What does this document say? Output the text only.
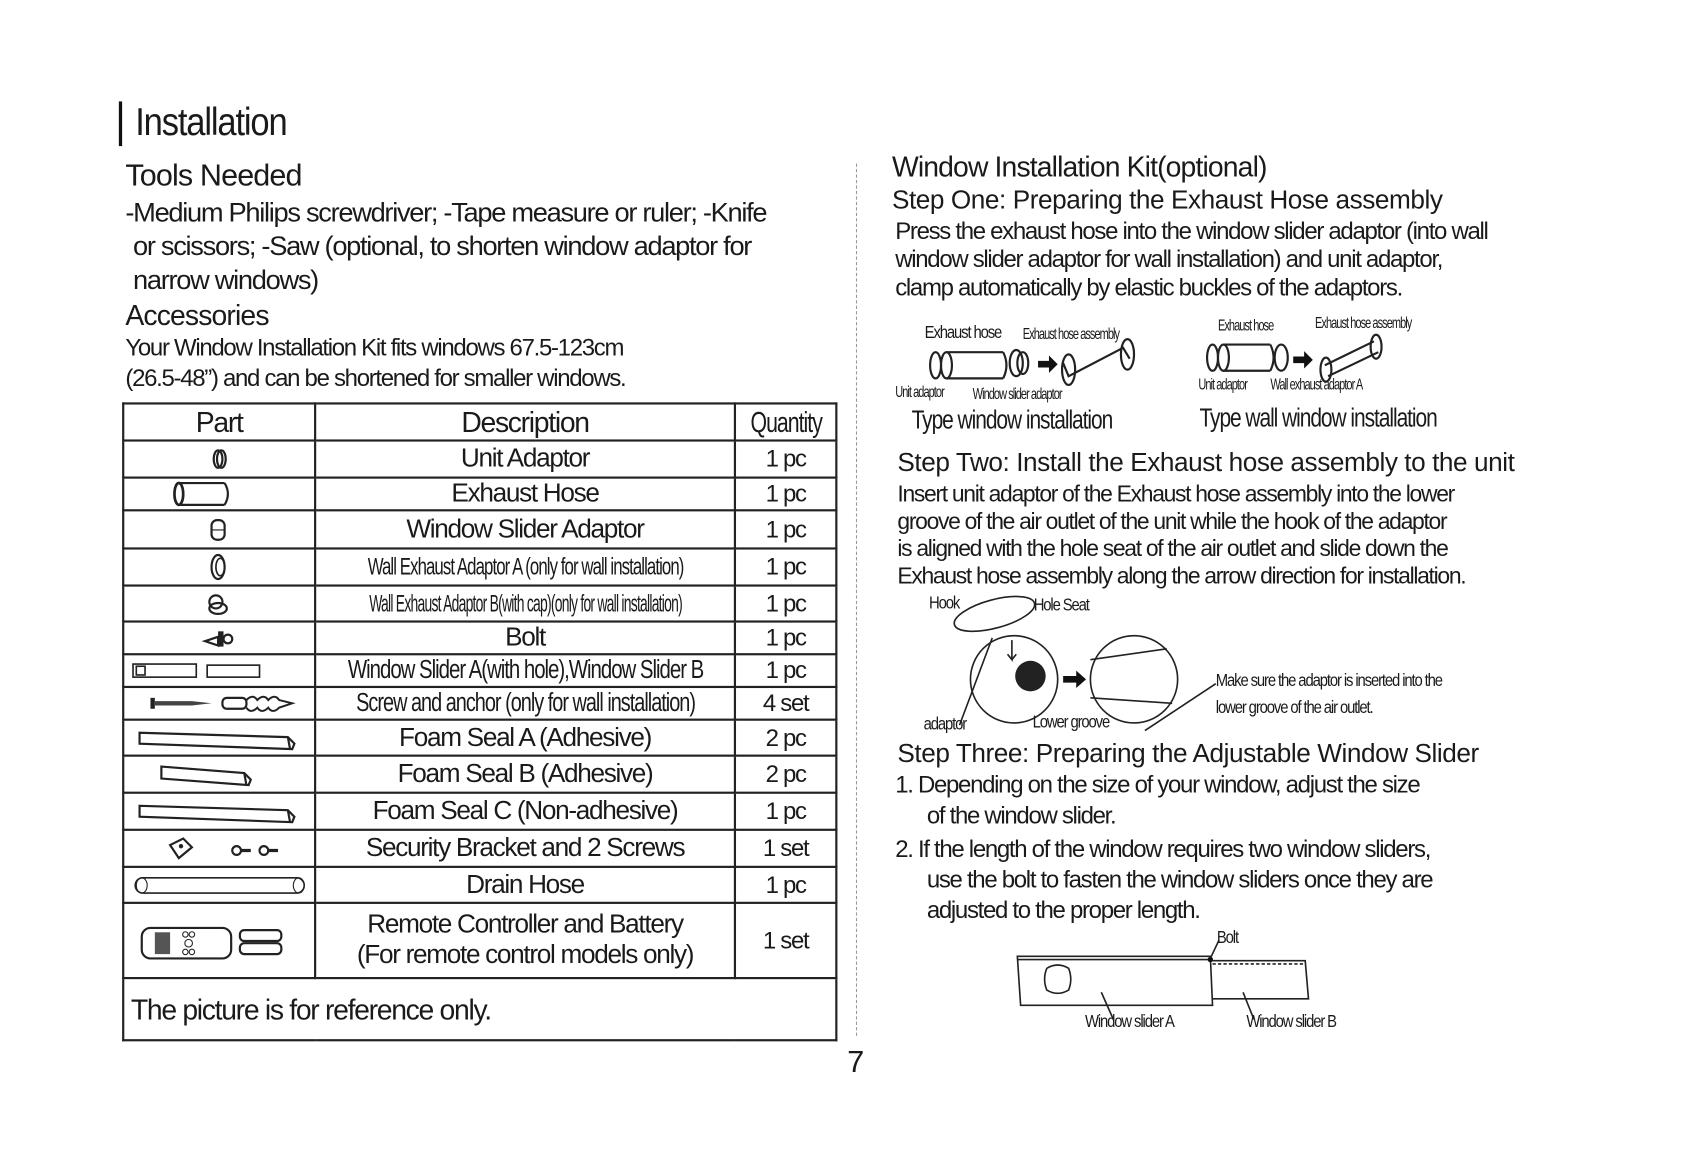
Installation
Tools Needed
-Medium Philips screwdriver; -Tape measure or ruler; -Knife
or scissors; -Saw (optional, to shorten window adaptor for
narrow windows)
Accessories
Your Window Installation Kit fits windows 67.5-123cm
(26.5-48”) and can be shortened for smaller windows.
Part	Description	Quantity

Unit Adaptor	1 pc

Exhaust Hose	1 pc

Window Slider Adaptor	1 pc

Wall Exhaust Adaptor A (only for wall installation)	1 pc

Wall Exhaust Adaptor B(with cap)(only for wall installation)	1 pc

Bolt	1 pc

Window Slider A(with hole),Window Slider B	1 pc

Screw and anchor (only for wall installation)	4 set

Foam Seal A (Adhesive)	2 pc

Foam Seal B (Adhesive)	2 pc

Foam Seal C (Non-adhesive)	1 pc

Security Bracket and 2 Screws	1 set

Drain Hose	1 pc

Remote Controller and Battery
(For remote control models only)	1 set

The picture is for reference only.		
7
Window Installation Kit(optional)
Step One: Preparing the Exhaust Hose assembly
Press the exhaust hose into the window slider adaptor (into wall
window slider adaptor for wall installation) and unit adaptor,
clamp automatically by elastic buckles of the adaptors.
Exhaust hose Exhaust hose assembly
Unit adaptor Window slider adaptor
Type window installation
Exhaust hose	Exhaust hose assembly
Unit adaptor Wall exhaust adaptor A
Type wall window installation
Step Two: Install the Exhaust hose assembly to the unit
Insert unit adaptor of the Exhaust hose assembly into the lower
groove of the air outlet of the unit while the hook of the adaptor
is aligned with the hole seat of the air outlet and slide down the
Exhaust hose assembly along the arrow direction for installation.
Hook	Hole Seat
adaptor	Lower groove
Make sure the adaptor is inserted into the
lower groove of the air outlet.
Step Three: Preparing the Adjustable Window Slider
1. Depending on the size of your window, adjust the size
of the window slider.
2. If the length of the window requires two window sliders,
use the bolt to fasten the window sliders once they are
adjusted to the proper length.
Bolt
Window slider A	Window slider B
